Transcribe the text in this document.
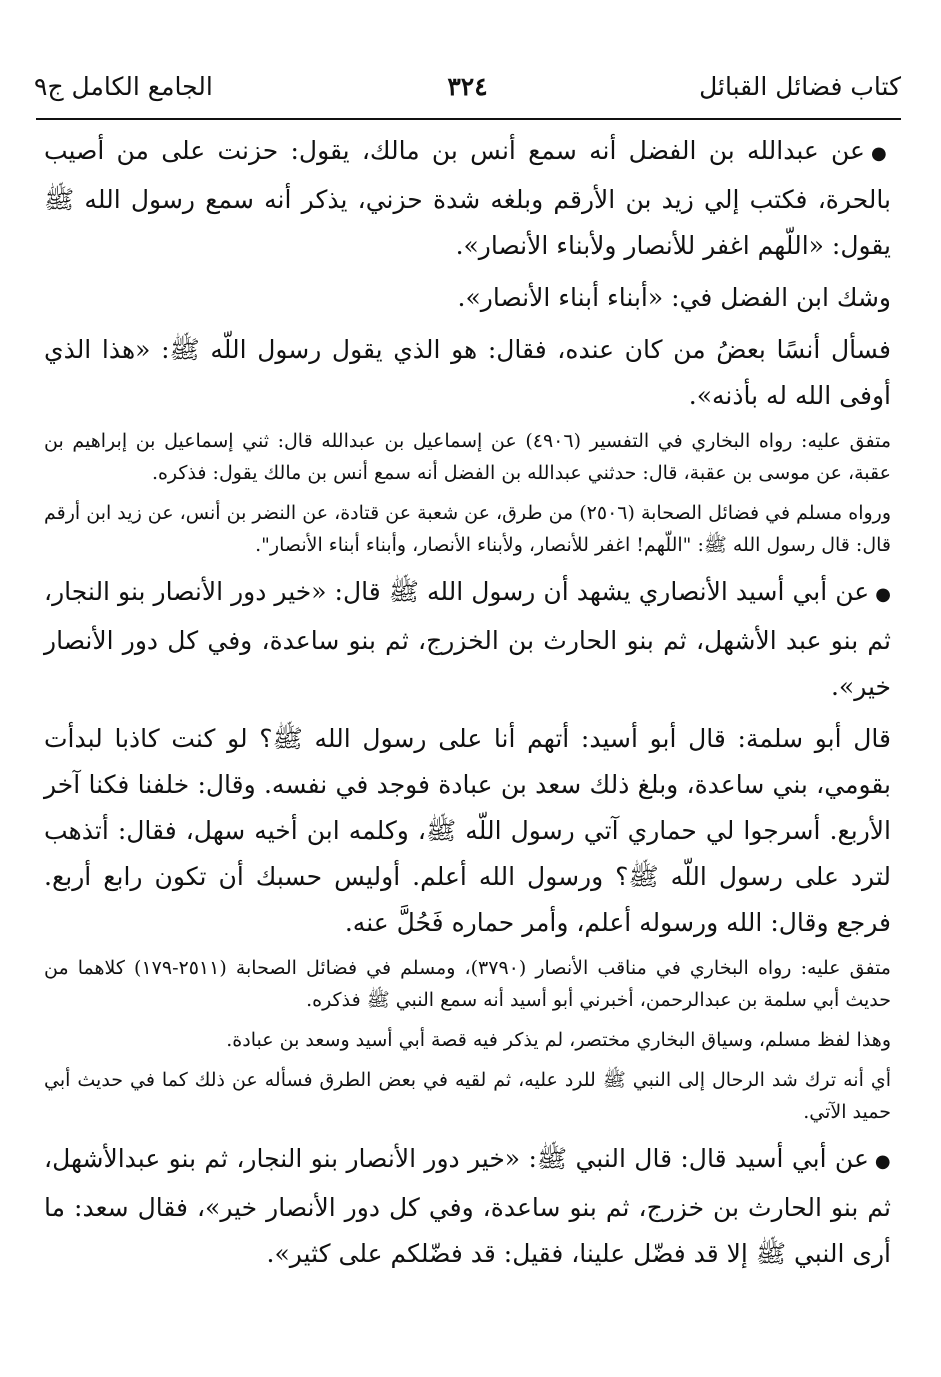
كتاب فضائل القبائل
٣٢٤
الجامع الكامل ج٩

●عن عبدالله بن الفضل أنه سمع أنس بن مالك، يقول: حزنت على من أصيب بالحرة، فكتب إلي زيد بن الأرقم وبلغه شدة حزني، يذكر أنه سمع رسول الله ﷺ يقول: «اللّهم اغفر للأنصار ولأبناء الأنصار».

وشك ابن الفضل في: «أبناء أبناء الأنصار».

فسأل أنسًا بعضُ من كان عنده، فقال: هو الذي يقول رسول اللّه ﷺ: «هذا الذي أوفى الله له بأذنه».

متفق عليه: رواه البخاري في التفسير (٤٩٠٦) عن إسماعيل بن عبدالله قال: ثني إسماعيل بن إبراهيم بن عقبة، عن موسى بن عقبة، قال: حدثني عبدالله بن الفضل أنه سمع أنس بن مالك يقول: فذكره.

ورواه مسلم في فضائل الصحابة (٢٥٠٦) من طرق، عن شعبة عن قتادة، عن النضر بن أنس، عن زيد ابن أرقم قال: قال رسول الله ﷺ: "اللّهم! اغفر للأنصار، ولأبناء الأنصار، وأبناء أبناء الأنصار".

●عن أبي أسيد الأنصاري يشهد أن رسول الله ﷺ قال: «خير دور الأنصار بنو النجار، ثم بنو عبد الأشهل، ثم بنو الحارث بن الخزرج، ثم بنو ساعدة، وفي كل دور الأنصار خير».

قال أبو سلمة: قال أبو أسيد: أتهم أنا على رسول الله ﷺ؟ لو كنت كاذبا لبدأت بقومي، بني ساعدة، وبلغ ذلك سعد بن عبادة فوجد في نفسه. وقال: خلفنا فكنا آخر الأربع. أسرجوا لي حماري آتي رسول اللّه ﷺ، وكلمه ابن أخيه سهل، فقال: أتذهب لترد على رسول اللّه ﷺ؟ ورسول الله أعلم. أوليس حسبك أن تكون رابع أربع. فرجع وقال: الله ورسوله أعلم، وأمر حماره فَحُلَّ عنه.

متفق عليه: رواه البخاري في مناقب الأنصار (٣٧٩٠)، ومسلم في فضائل الصحابة (٢٥١١-١٧٩) كلاهما من حديث أبي سلمة بن عبدالرحمن، أخبرني أبو أسيد أنه سمع النبي ﷺ فذكره.

وهذا لفظ مسلم، وسياق البخاري مختصر، لم يذكر فيه قصة أبي أسيد وسعد بن عبادة.

أي أنه ترك شد الرحال إلى النبي ﷺ للرد عليه، ثم لقيه في بعض الطرق فسأله عن ذلك كما في حديث أبي حميد الآتي.

●عن أبي أسيد قال: قال النبي ﷺ: «خير دور الأنصار بنو النجار، ثم بنو عبدالأشهل، ثم بنو الحارث بن خزرج، ثم بنو ساعدة، وفي كل دور الأنصار خير»، فقال سعد: ما أرى النبي ﷺ إلا قد فضّل علينا، فقيل: قد فضّلكم على كثير».
